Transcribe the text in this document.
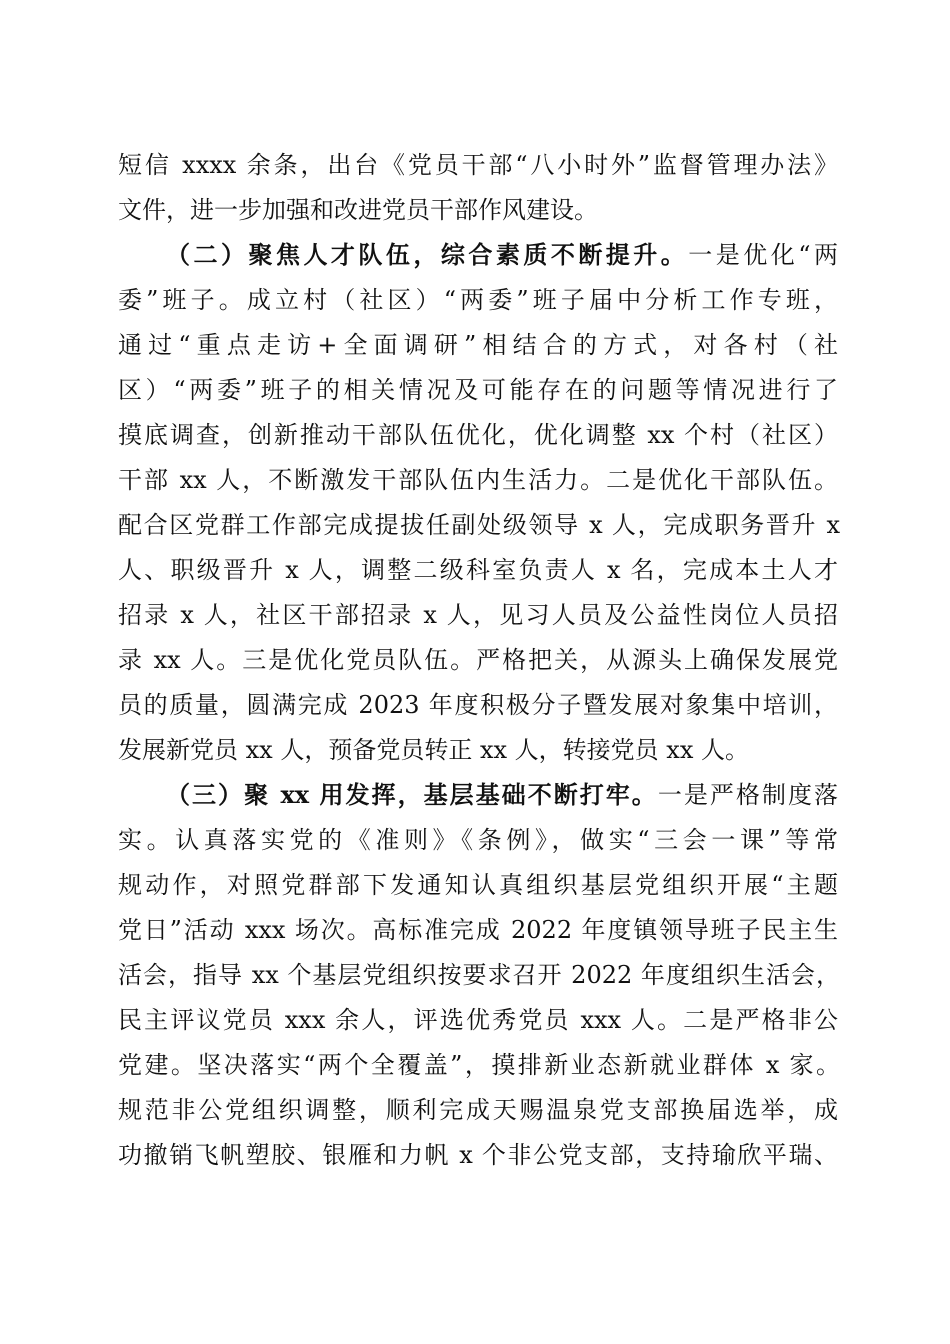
短信 xxxx 余条，出台《党员干部“八小时外”监督管理办法》
文件，进一步加强和改进党员干部作风建设。
（二）聚焦人才队伍，综合素质不断提升。一是优化“两
委”班子。成立村（社区）“两委”班子届中分析工作专班，
通过“重点走访+全面调研”相结合的方式，对各村（社
区）“两委”班子的相关情况及可能存在的问题等情况进行了
摸底调查，创新推动干部队伍优化，优化调整 xx 个村（社区）
干部 xx 人，不断激发干部队伍内生活力。二是优化干部队伍。
配合区党群工作部完成提拔任副处级领导 x 人，完成职务晋升 x
人、职级晋升 x 人，调整二级科室负责人 x 名，完成本土人才
招录 x 人，社区干部招录 x 人，见习人员及公益性岗位人员招
录 xx 人。三是优化党员队伍。严格把关，从源头上确保发展党
员的质量，圆满完成 2023 年度积极分子暨发展对象集中培训，
发展新党员 xx 人，预备党员转正 xx 人，转接党员 xx 人。
（三）聚 xx 用发挥，基层基础不断打牢。一是严格制度落
实。认真落实党的《准则》《条例》，做实“三会一课”等常
规动作，对照党群部下发通知认真组织基层党组织开展“主题
党日”活动 xxx 场次。高标准完成 2022 年度镇领导班子民主生
活会，指导 xx 个基层党组织按要求召开 2022 年度组织生活会，
民主评议党员 xxx 余人，评选优秀党员 xxx 人。二是严格非公
党建。坚决落实“两个全覆盖”，摸排新业态新就业群体 x 家。
规范非公党组织调整，顺利完成天赐温泉党支部换届选举，成
功撤销飞帆塑胶、银雁和力帆 x 个非公党支部，支持瑜欣平瑞、
